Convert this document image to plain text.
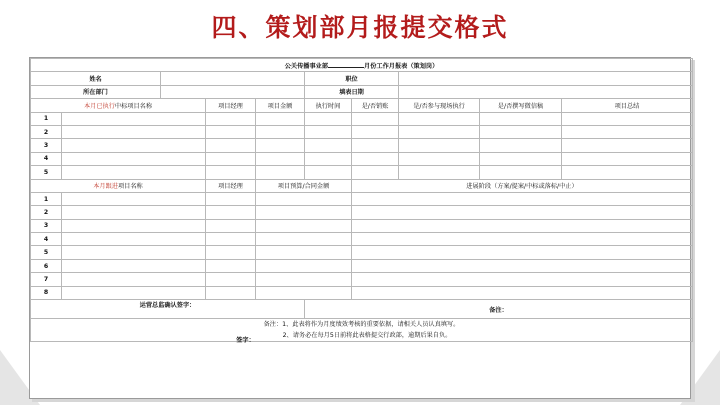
四、策划部月报提交格式
公关传播事业部 月份工作月报表（策划岗）									
姓名					职位				
所在部门					填表日期				
本月已执行中标项目名称			项目经理	项目金额	执行时间	是/否销账	是/否参与现场执行	是/否撰写微信稿	项目总结
1									
2									
3									
4									
5									
本月跟进项目名称			项目经理	项目预算/合同金额		进展阶段（方案/提案/中标或落标/中止）			
1									
2									
3									
4									
5									
6									
7									
8									

运营总监确认签字：
签字：					备注：				

备注：1、此表将作为月度绩效考核的重要依据，请相关人员认真填写。
2、请务必在每月5日前将此表格提交行政部，逾期后果自负。									
